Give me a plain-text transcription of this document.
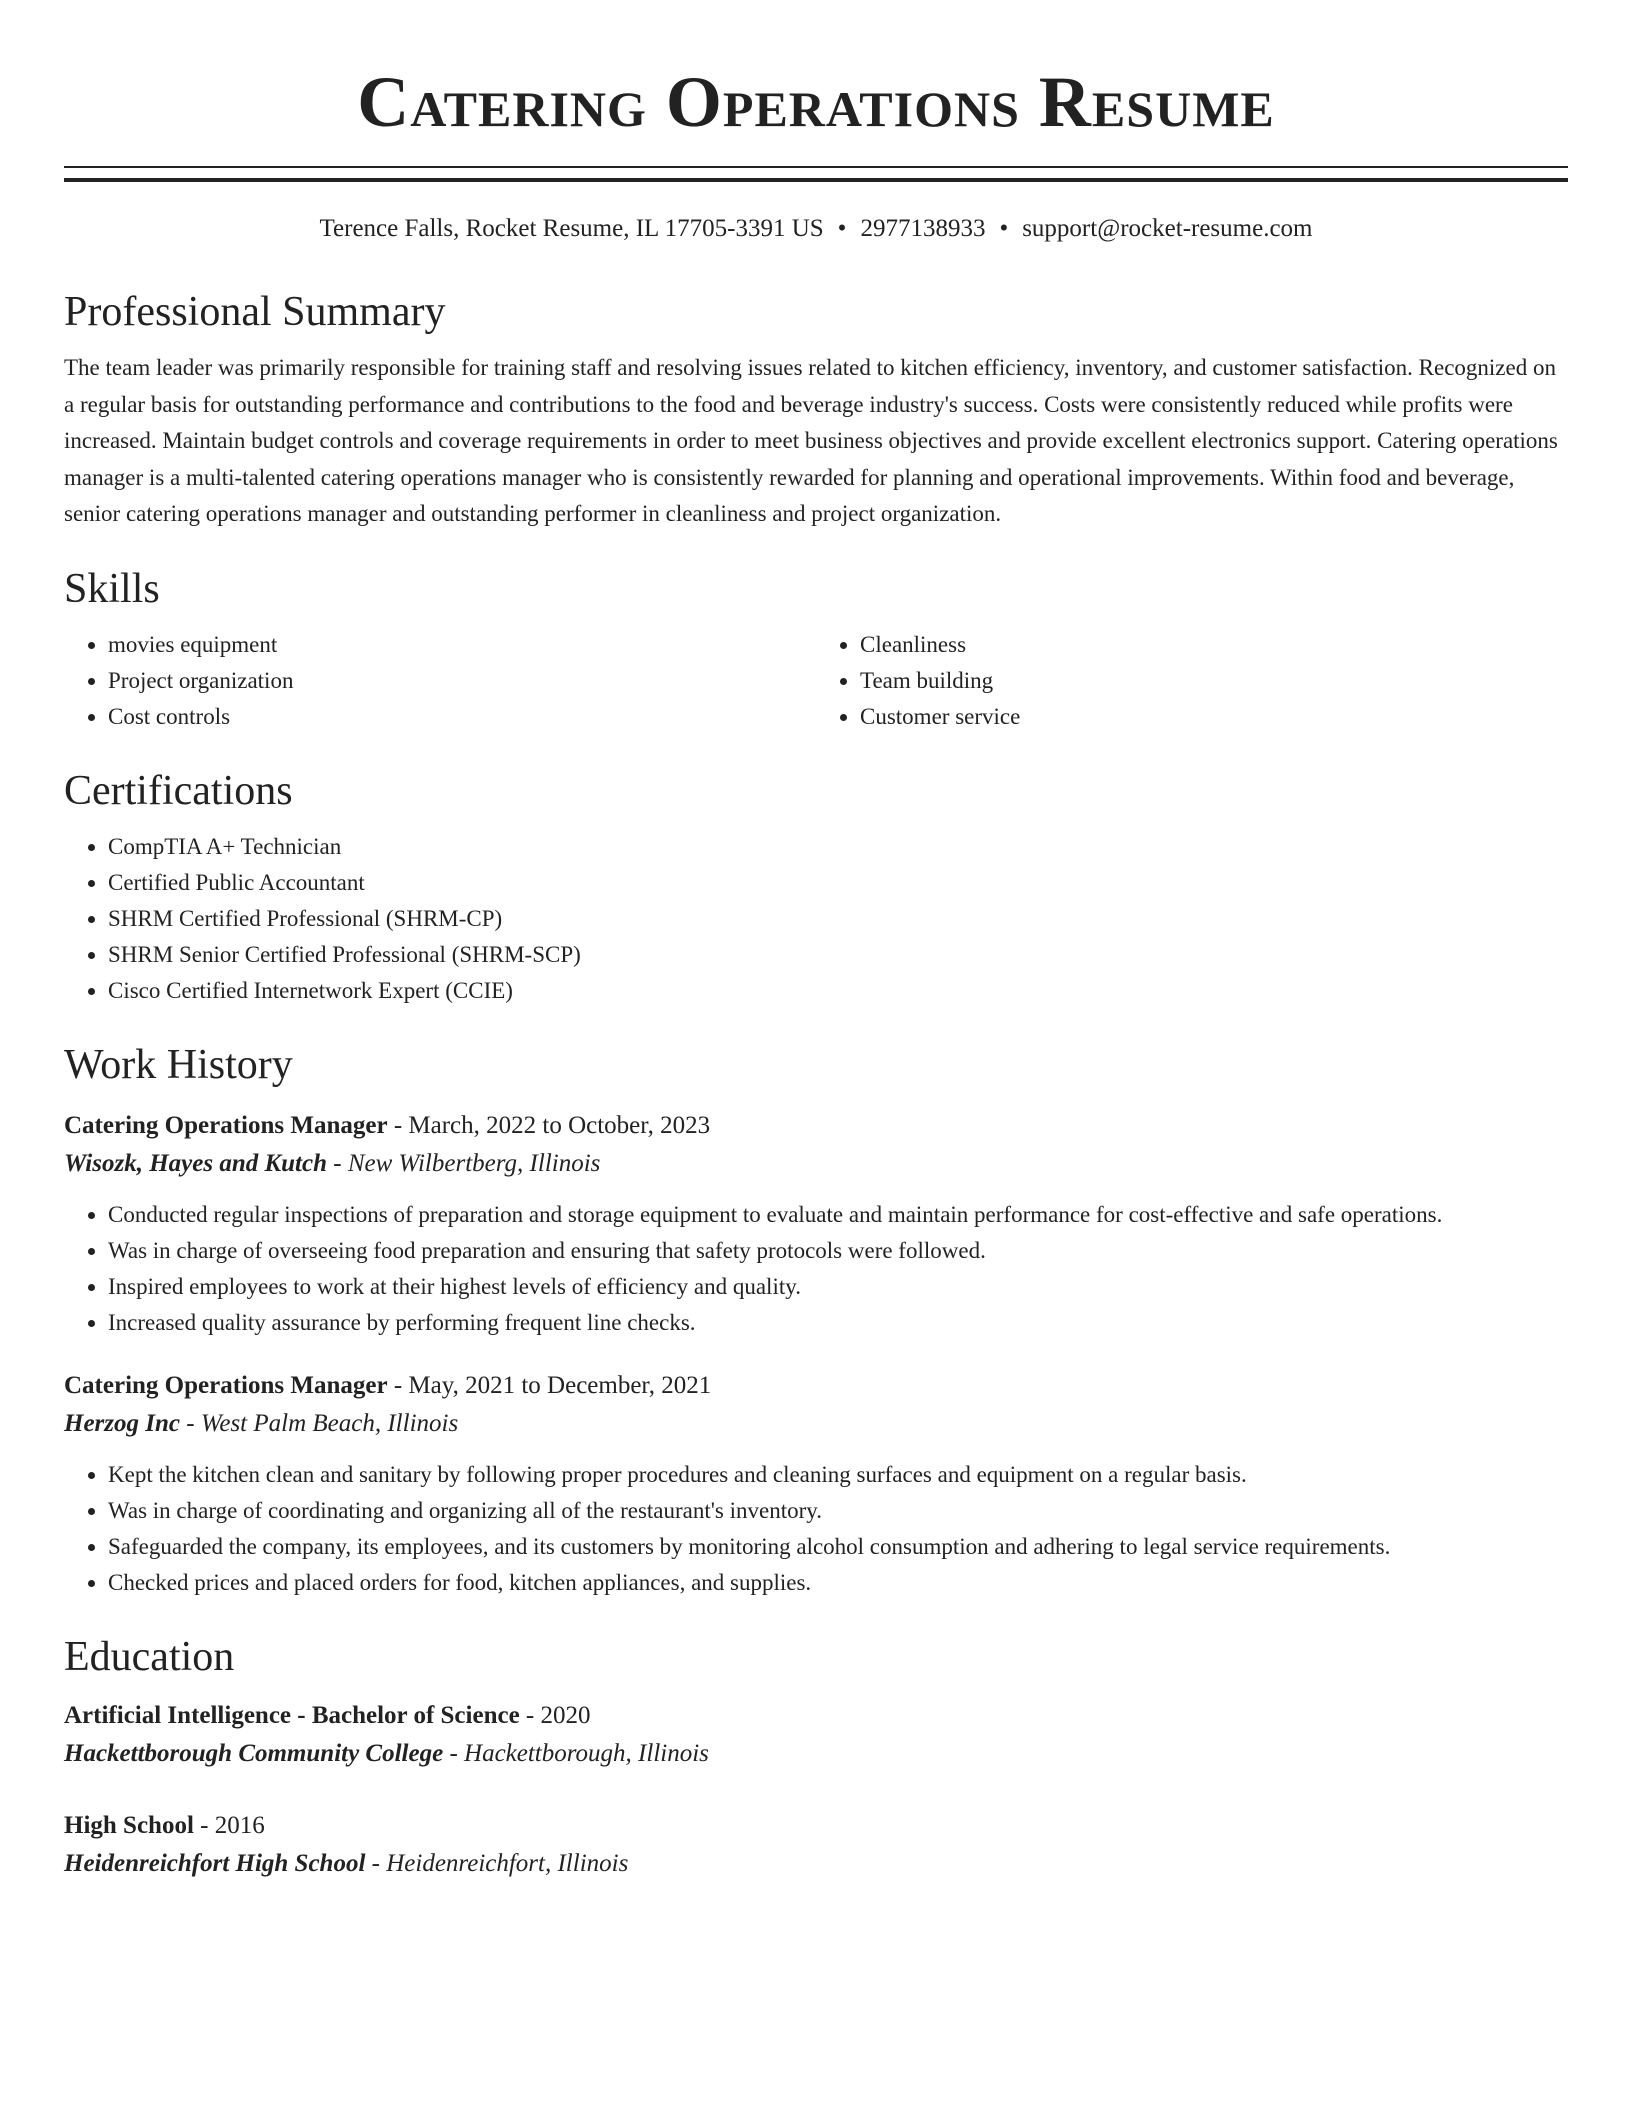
Catering Operations Resume
Terence Falls, Rocket Resume, IL 17705-3391 US • 2977138933 • support@rocket-resume.com
Professional Summary

The team leader was primarily responsible for training staff and resolving issues related to kitchen efficiency, inventory, and customer satisfaction. Recognized on a regular basis for outstanding performance and contributions to the food and beverage industry's success. Costs were consistently reduced while profits were increased. Maintain budget controls and coverage requirements in order to meet business objectives and provide excellent electronics support. Catering operations manager is a multi-talented catering operations manager who is consistently rewarded for planning and operational improvements. Within food and beverage, senior catering operations manager and outstanding performer in cleanliness and project organization.

Skills
• movies equipment
• Project organization
• Cost controls
• Cleanliness
• Team building
• Customer service
Certifications
• CompTIA A+ Technician
• Certified Public Accountant
• SHRM Certified Professional (SHRM-CP)
• SHRM Senior Certified Professional (SHRM-SCP)
• Cisco Certified Internetwork Expert (CCIE)
Work History
Catering Operations Manager - March, 2022 to October, 2023
Wisozk, Hayes and Kutch - New Wilbertberg, Illinois
• Conducted regular inspections of preparation and storage equipment to evaluate and maintain performance for cost-effective and safe operations.
• Was in charge of overseeing food preparation and ensuring that safety protocols were followed.
• Inspired employees to work at their highest levels of efficiency and quality.
• Increased quality assurance by performing frequent line checks.
Catering Operations Manager - May, 2021 to December, 2021
Herzog Inc - West Palm Beach, Illinois
• Kept the kitchen clean and sanitary by following proper procedures and cleaning surfaces and equipment on a regular basis.
• Was in charge of coordinating and organizing all of the restaurant's inventory.
• Safeguarded the company, its employees, and its customers by monitoring alcohol consumption and adhering to legal service requirements.
• Checked prices and placed orders for food, kitchen appliances, and supplies.
Education
Artificial Intelligence - Bachelor of Science - 2020
Hackettborough Community College - Hackettborough, Illinois
High School - 2016
Heidenreichfort High School - Heidenreichfort, Illinois
